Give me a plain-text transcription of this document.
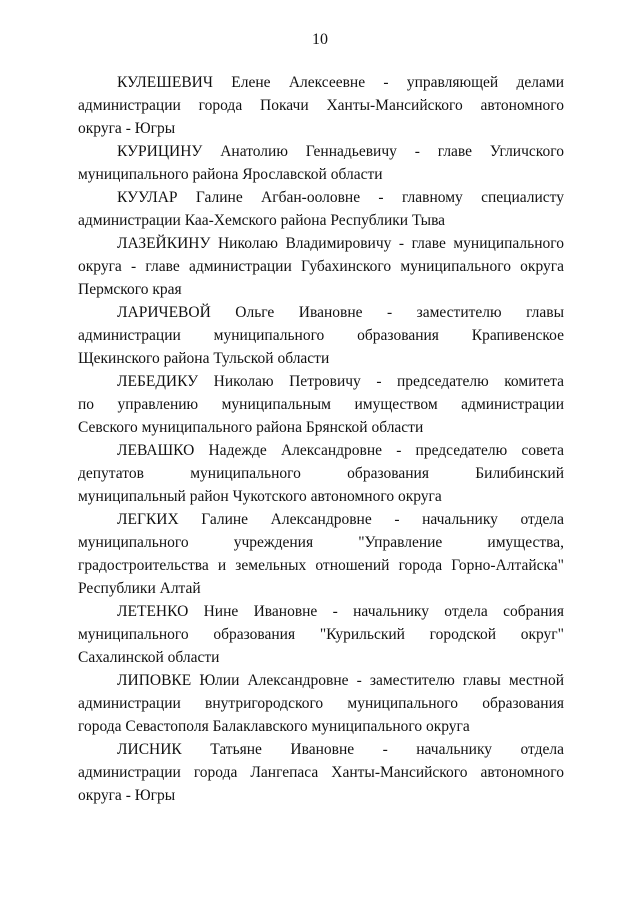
10
КУЛЕШЕВИЧ Елене Алексеевне - управляющей делами
администрации города Покачи Ханты-Мансийского автономного
округа - Югры
КУРИЦИНУ Анатолию Геннадьевичу - главе Угличского
муниципального района Ярославской области
КУУЛАР Галине Агбан-ооловне - главному специалисту
администрации Каа-Хемского района Республики Тыва
ЛАЗЕЙКИНУ Николаю Владимировичу - главе муниципального
округа - главе администрации Губахинского муниципального округа
Пермского края
ЛАРИЧЕВОЙ Ольге Ивановне - заместителю главы
администрации муниципального образования Крапивенское
Щекинского района Тульской области
ЛЕБЕДИКУ Николаю Петровичу - председателю комитета
по управлению муниципальным имуществом администрации
Севского муниципального района Брянской области
ЛЕВАШКО Надежде Александровне - председателю совета
депутатов муниципального образования Билибинский
муниципальный район Чукотского автономного округа
ЛЕГКИХ Галине Александровне - начальнику отдела
муниципального учреждения "Управление имущества,
градостроительства и земельных отношений города Горно-Алтайска"
Республики Алтай
ЛЕТЕНКО Нине Ивановне - начальнику отдела собрания
муниципального образования "Курильский городской округ"
Сахалинской области
ЛИПОВКЕ Юлии Александровне - заместителю главы местной
администрации внутригородского муниципального образования
города Севастополя Балаклавского муниципального округа
ЛИСНИК Татьяне Ивановне - начальнику отдела
администрации города Лангепаса Ханты-Мансийского автономного
округа - Югры
